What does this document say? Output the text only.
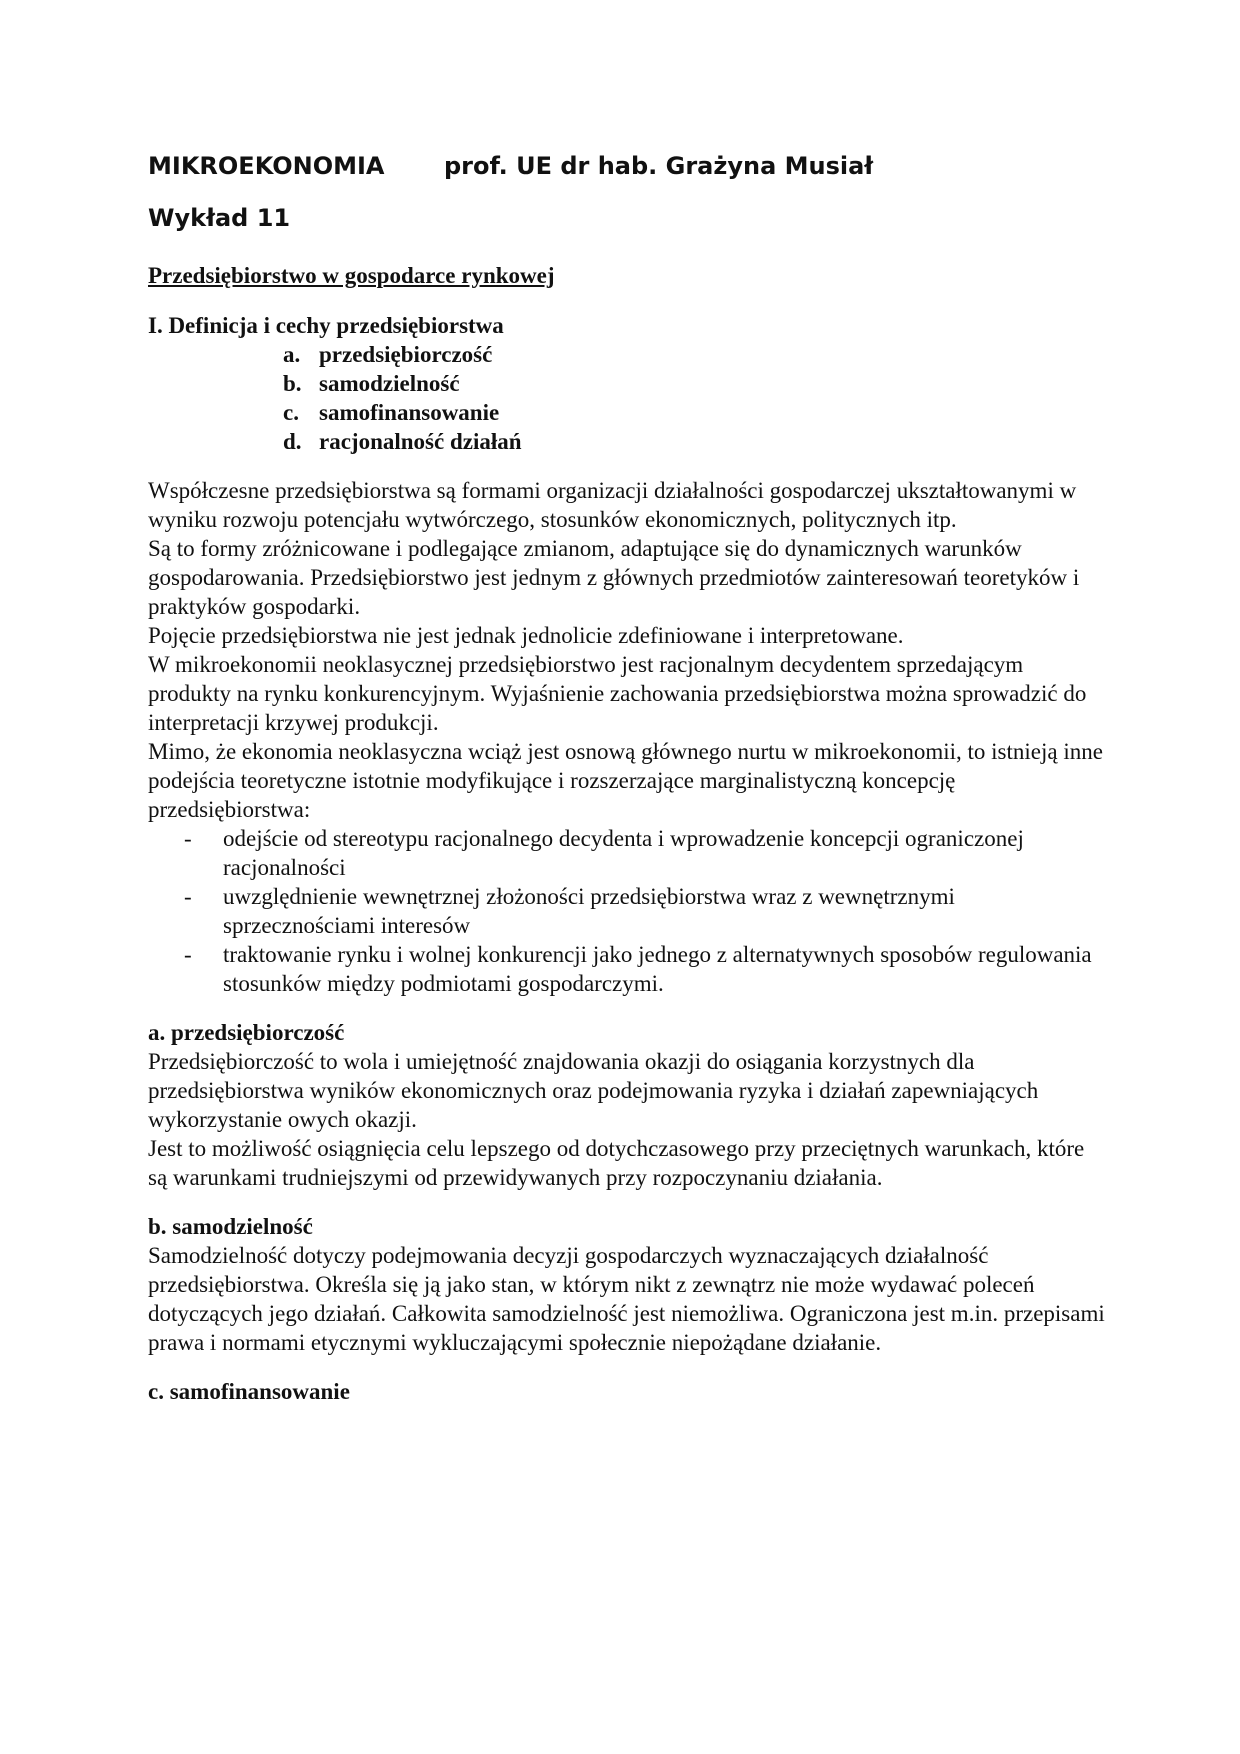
MIKROEKONOMIA prof. UE dr hab. Grażyna Musiał
Wykład 11
Przedsiębiorstwo w gospodarce rynkowej
I. Definicja i cechy przedsiębiorstwa
a. przedsiębiorczość
b. samodzielność
c. samofinansowanie
d. racjonalność działań

Współczesne przedsiębiorstwa są formami organizacji działalności gospodarczej ukształtowanymi w wyniku rozwoju potencjału wytwórczego, stosunków ekonomicznych, politycznych itp.

Są to formy zróżnicowane i podlegające zmianom, adaptujące się do dynamicznych warunków gospodarowania. Przedsiębiorstwo jest jednym z głównych przedmiotów zainteresowań teoretyków i praktyków gospodarki.

Pojęcie przedsiębiorstwa nie jest jednak jednolicie zdefiniowane i interpretowane.

W mikroekonomii neoklasycznej przedsiębiorstwo jest racjonalnym decydentem sprzedającym produkty na rynku konkurencyjnym. Wyjaśnienie zachowania przedsiębiorstwa można sprowadzić do interpretacji krzywej produkcji.

Mimo, że ekonomia neoklasyczna wciąż jest osnową głównego nurtu w mikroekonomii, to istnieją inne podejścia teoretyczne istotnie modyfikujące i rozszerzające marginalistyczną koncepcję przedsiębiorstwa:

- odejście od stereotypu racjonalnego decydenta i wprowadzenie koncepcji ograniczonej racjonalności
- uwzględnienie wewnętrznej złożoności przedsiębiorstwa wraz z wewnętrznymi sprzecznościami interesów
- traktowanie rynku i wolnej konkurencji jako jednego z alternatywnych sposobów regulowania stosunków między podmiotami gospodarczymi.
a. przedsiębiorczość

Przedsiębiorczość to wola i umiejętność znajdowania okazji do osiągania korzystnych dla przedsiębiorstwa wyników ekonomicznych oraz podejmowania ryzyka i działań zapewniających wykorzystanie owych okazji.

Jest to możliwość osiągnięcia celu lepszego od dotychczasowego przy przeciętnych warunkach, które są warunkami trudniejszymi od przewidywanych przy rozpoczynaniu działania.

b. samodzielność

Samodzielność dotyczy podejmowania decyzji gospodarczych wyznaczających działalność przedsiębiorstwa. Określa się ją jako stan, w którym nikt z zewnątrz nie może wydawać poleceń dotyczących jego działań. Całkowita samodzielność jest niemożliwa. Ograniczona jest m.in. przepisami prawa i normami etycznymi wykluczającymi społecznie niepożądane działanie.

c. samofinansowanie
